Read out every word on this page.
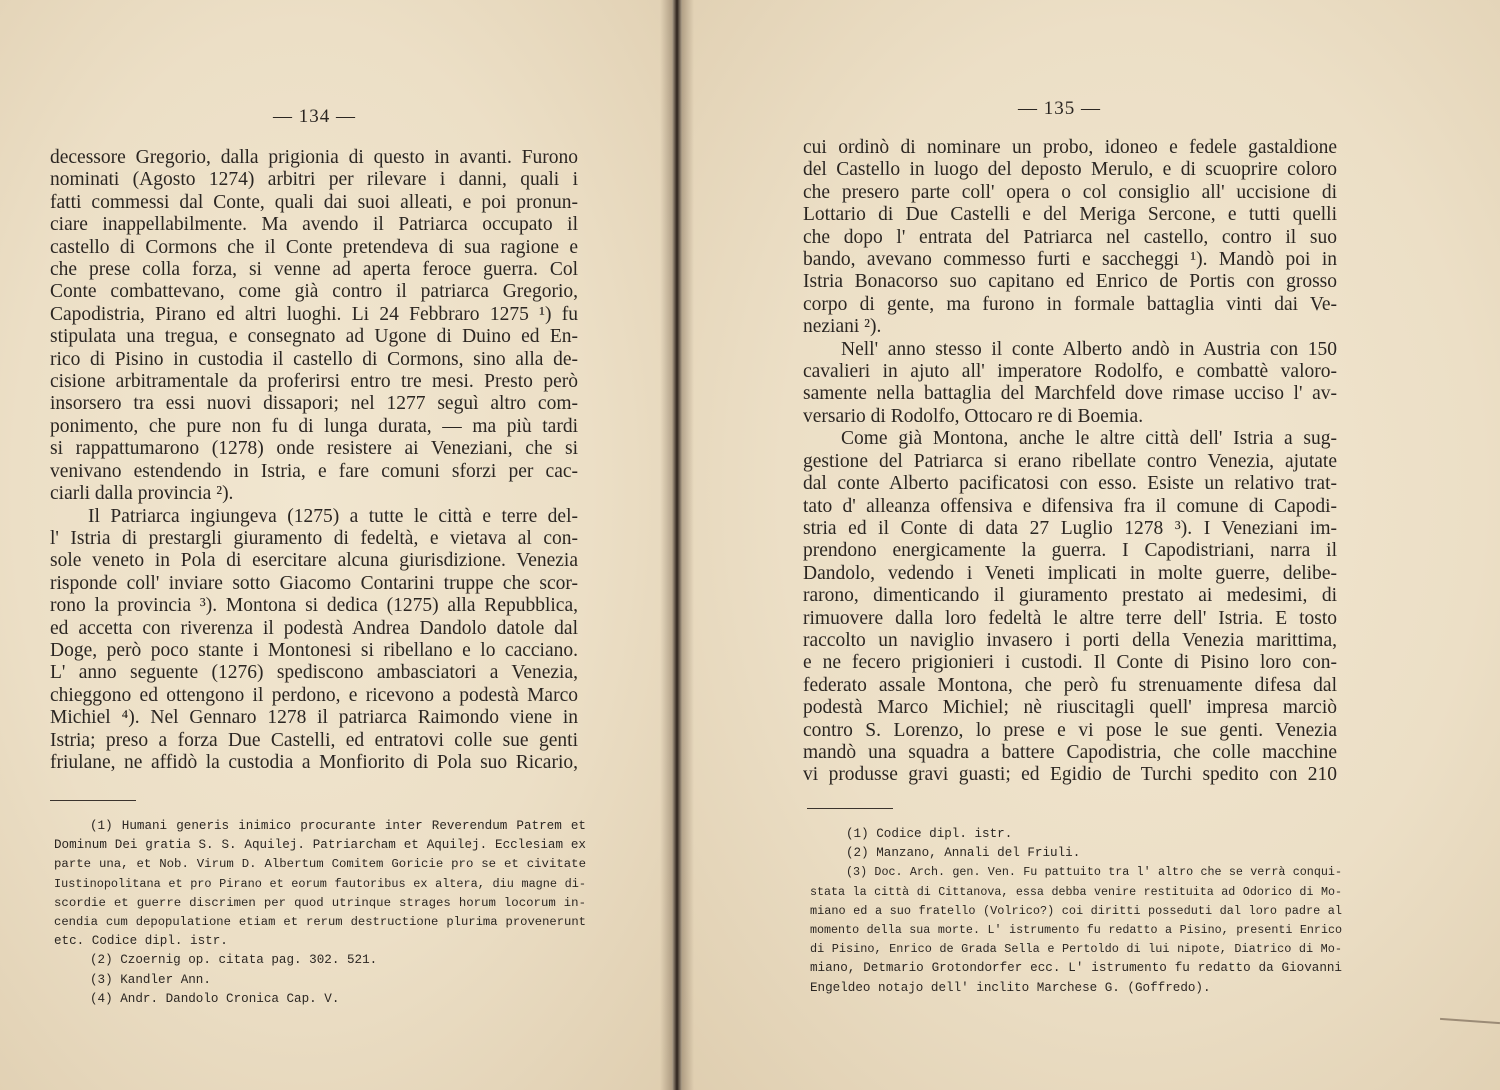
— 134 —
decessore Gregorio, dalla prigionia di questo in avanti. Furono
nominati (Agosto 1274) arbitri per rilevare i danni, quali i
fatti commessi dal Conte, quali dai suoi alleati, e poi pronun-
ciare inappellabilmente. Ma avendo il Patriarca occupato il
castello di Cormons che il Conte pretendeva di sua ragione e
che prese colla forza, si venne ad aperta feroce guerra. Col
Conte combattevano, come già contro il patriarca Gregorio,
Capodistria, Pirano ed altri luoghi. Li 24 Febbraro 1275 ¹) fu
stipulata una tregua, e consegnato ad Ugone di Duino ed En-
rico di Pisino in custodia il castello di Cormons, sino alla de-
cisione arbitramentale da proferirsi entro tre mesi. Presto però
insorsero tra essi nuovi dissapori; nel 1277 seguì altro com-
ponimento, che pure non fu di lunga durata, — ma più tardi
si rappattumarono (1278) onde resistere ai Veneziani, che si
venivano estendendo in Istria, e fare comuni sforzi per cac-
ciarli dalla provincia ²).
Il Patriarca ingiungeva (1275) a tutte le città e terre del-
l' Istria di prestargli giuramento di fedeltà, e vietava al con-
sole veneto in Pola di esercitare alcuna giurisdizione. Venezia
risponde coll' inviare sotto Giacomo Contarini truppe che scor-
rono la provincia ³). Montona si dedica (1275) alla Repubblica,
ed accetta con riverenza il podestà Andrea Dandolo datole dal
Doge, però poco stante i Montonesi si ribellano e lo cacciano.
L' anno seguente (1276) spediscono ambasciatori a Venezia,
chieggono ed ottengono il perdono, e ricevono a podestà Marco
Michiel ⁴). Nel Gennaro 1278 il patriarca Raimondo viene in
Istria; preso a forza Due Castelli, ed entratovi colle sue genti
friulane, ne affidò la custodia a Monfiorito di Pola suo Ricario,
(1) Humani generis inimico procurante inter Reverendum Patrem et
Dominum Dei gratia S. S. Aquilej. Patriarcham et Aquilej. Ecclesiam ex
parte una, et Nob. Virum D. Albertum Comitem Goricie pro se et civitate
Iustinopolitana et pro Pirano et eorum fautoribus ex altera, diu magne di-
scordie et guerre discrimen per quod utrinque strages horum locorum in-
cendia cum depopulatione etiam et rerum destructione plurima provenerunt
etc. Codice dipl. istr.
(2) Czoernig op. citata pag. 302. 521.
(3) Kandler Ann.
(4) Andr. Dandolo Cronica Cap. V.
— 135 —
cui ordinò di nominare un probo, idoneo e fedele gastaldione
del Castello in luogo del deposto Merulo, e di scuoprire coloro
che presero parte coll' opera o col consiglio all' uccisione di
Lottario di Due Castelli e del Meriga Sercone, e tutti quelli
che dopo l' entrata del Patriarca nel castello, contro il suo
bando, avevano commesso furti e saccheggi ¹). Mandò poi in
Istria Bonacorso suo capitano ed Enrico de Portis con grosso
corpo di gente, ma furono in formale battaglia vinti dai Ve-
neziani ²).
Nell' anno stesso il conte Alberto andò in Austria con 150
cavalieri in ajuto all' imperatore Rodolfo, e combattè valoro-
samente nella battaglia del Marchfeld dove rimase ucciso l' av-
versario di Rodolfo, Ottocaro re di Boemia.
Come già Montona, anche le altre città dell' Istria a sug-
gestione del Patriarca si erano ribellate contro Venezia, ajutate
dal conte Alberto pacificatosi con esso. Esiste un relativo trat-
tato d' alleanza offensiva e difensiva fra il comune di Capodi-
stria ed il Conte di data 27 Luglio 1278 ³). I Veneziani im-
prendono energicamente la guerra. I Capodistriani, narra il
Dandolo, vedendo i Veneti implicati in molte guerre, delibe-
rarono, dimenticando il giuramento prestato ai medesimi, di
rimuovere dalla loro fedeltà le altre terre dell' Istria. E tosto
raccolto un naviglio invasero i porti della Venezia marittima,
e ne fecero prigionieri i custodi. Il Conte di Pisino loro con-
federato assale Montona, che però fu strenuamente difesa dal
podestà Marco Michiel; nè riuscitagli quell' impresa marciò
contro S. Lorenzo, lo prese e vi pose le sue genti. Venezia
mandò una squadra a battere Capodistria, che colle macchine
vi produsse gravi guasti; ed Egidio de Turchi spedito con 210
(1) Codice dipl. istr.
(2) Manzano, Annali del Friuli.
(3) Doc. Arch. gen. Ven. Fu pattuito tra l' altro che se verrà conqui-
stata la città di Cittanova, essa debba venire restituita ad Odorico di Mo-
miano ed a suo fratello (Volrico?) coi diritti posseduti dal loro padre al
momento della sua morte. L' istrumento fu redatto a Pisino, presenti Enrico
di Pisino, Enrico de Grada Sella e Pertoldo di lui nipote, Diatrico di Mo-
miano, Detmario Grotondorfer ecc. L' istrumento fu redatto da Giovanni
Engeldeo notajo dell' inclito Marchese G. (Goffredo).
